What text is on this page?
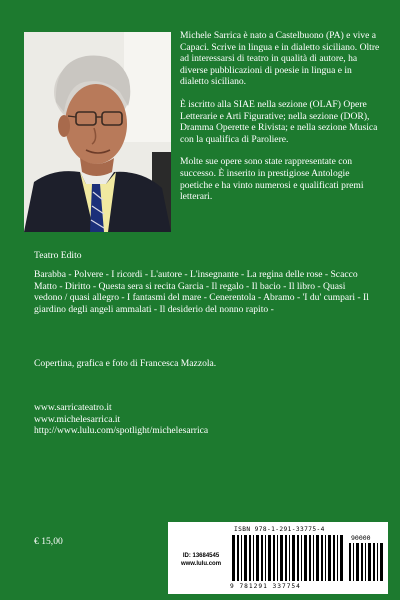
Michele Sarrica è nato a Castelbuono (PA) e vive a Capaci. Scrive in lingua e in dialetto siciliano. Oltre ad interessarsi di teatro in qualità di autore, ha diverse pubblicazioni di poesie in lingua e in dialetto siciliano.

È iscritto alla SIAE nella sezione (OLAF) Opere Letterarie e Arti Figurative; nella sezione (DOR), Dramma Operette e Rivista; e nella sezione Musica con la qualifica di Paroliere.

Molte sue opere sono state rappresentate con successo. È inserito in prestigiose Antologie poetiche e ha vinto numerosi e qualificati premi letterari.

Teatro Edito
Barabba - Polvere - I ricordi - L'autore - L'insegnante - La regina delle rose - Scacco Matto - Diritto - Questa sera si recita Garcia - Il regalo - Il bacio - Il libro - Quasi vedono / quasi allegro - I fantasmi del mare - Cenerentola - Abramo - 'I du' cumpari - Il giardino degli angeli ammalati - Il desiderio del nonno rapito -
Copertina, grafica e foto di Francesca Mazzola.
www.sarricateatro.it
www.michelesarrica.it
http://www.lulu.com/spotlight/michelesarrica
€ 15,00
ID: 13684545
www.lulu.com
ISBN 978-1-291-33775-4
90000
9 781291 337754
